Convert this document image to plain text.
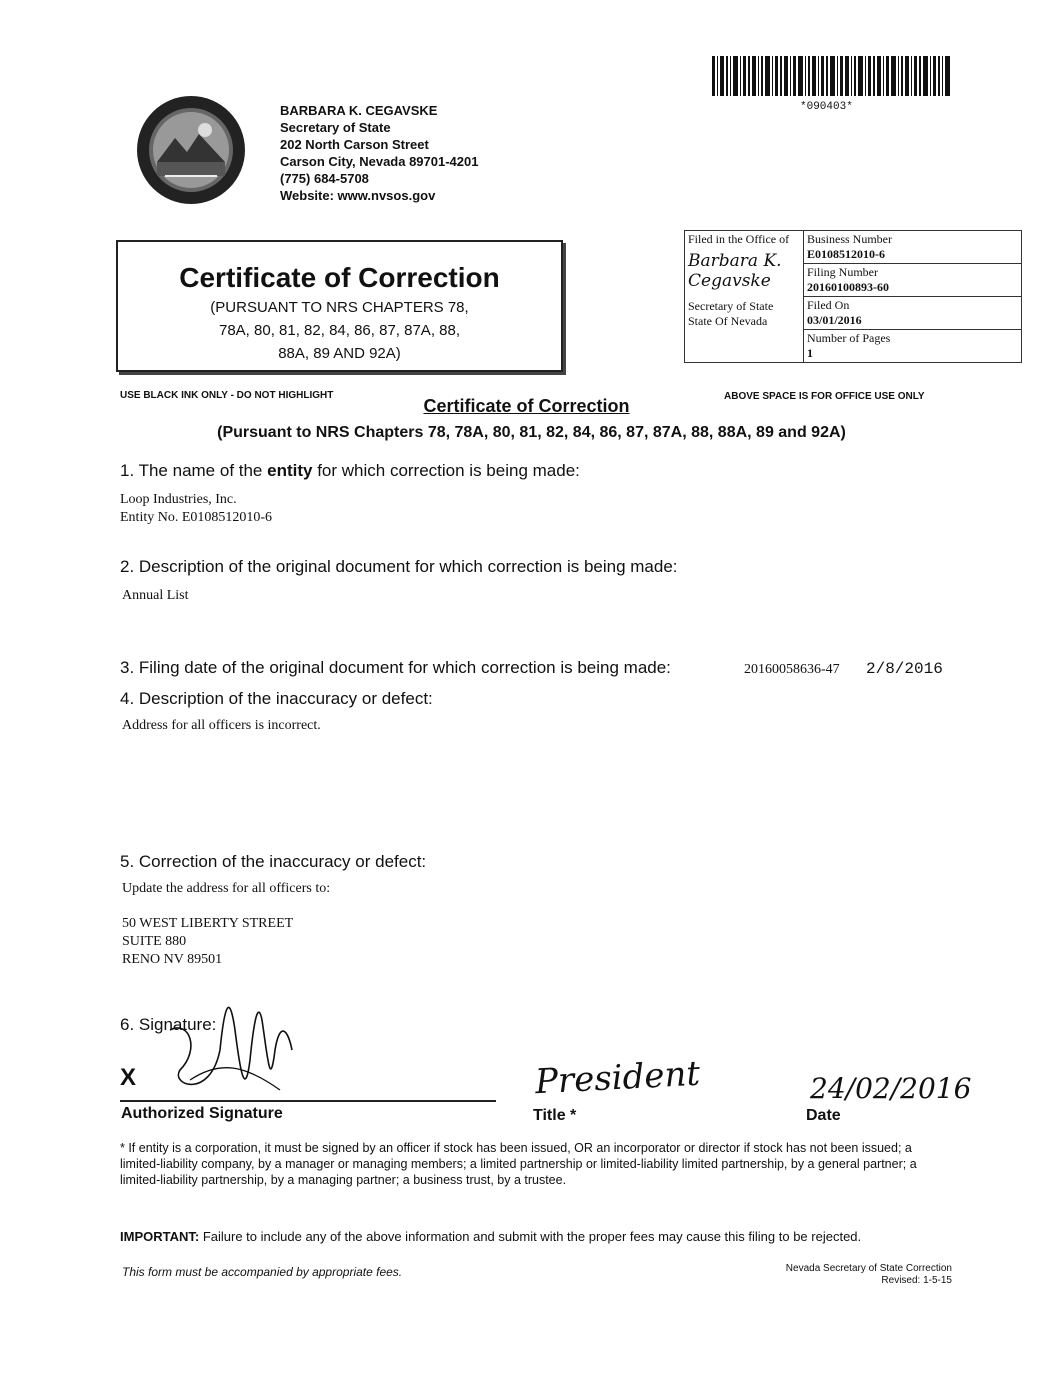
BARBARA K. CEGAVSKE
Secretary of State
202 North Carson Street
Carson City, Nevada 89701-4201
(775) 684-5708
Website: www.nvsos.gov
*090403*
Certificate of Correction
(PURSUANT TO NRS CHAPTERS 78,
78A, 80, 81, 82, 84, 86, 87, 87A, 88,
88A, 89 AND 92A)
Filed in the Office of
Barbara K. Cegavske
Secretary of State
State Of Nevada

Business Number
E0108512010-6

Filing Number
20160100893-60

Filed On
03/01/2016

Number of Pages
1
USE BLACK INK ONLY - DO NOT HIGHLIGHT	ABOVE SPACE IS FOR OFFICE USE ONLY
Certificate of Correction
(Pursuant to NRS Chapters 78, 78A, 80, 81, 82, 84, 86, 87, 87A, 88, 88A, 89 and 92A)
1. The name of the entity for which correction is being made:
Loop Industries, Inc.
Entity No. E0108512010-6
2. Description of the original document for which correction is being made:
Annual List
3. Filing date of the original document for which correction is being made:	20160058636-47 2/8/2016
4. Description of the inaccuracy or defect:
Address for all officers is incorrect.
5. Correction of the inaccuracy or defect:
Update the address for all officers to:
50 WEST LIBERTY STREET
SUITE 880
RENO NV 89501
6. Signature:
X
Authorized Signature
President
Title *
24/02/2016
Date
* If entity is a corporation, it must be signed by an officer if stock has been issued, OR an incorporator or director if stock has not been issued; a limited-liability company, by a manager or managing members; a limited partnership or limited-liability limited partnership, by a general partner; a limited-liability partnership, by a managing partner; a business trust, by a trustee.
IMPORTANT: Failure to include any of the above information and submit with the proper fees may cause this filing to be rejected.
This form must be accompanied by appropriate fees.	Nevada Secretary of State Correction
Revised: 1-5-15
